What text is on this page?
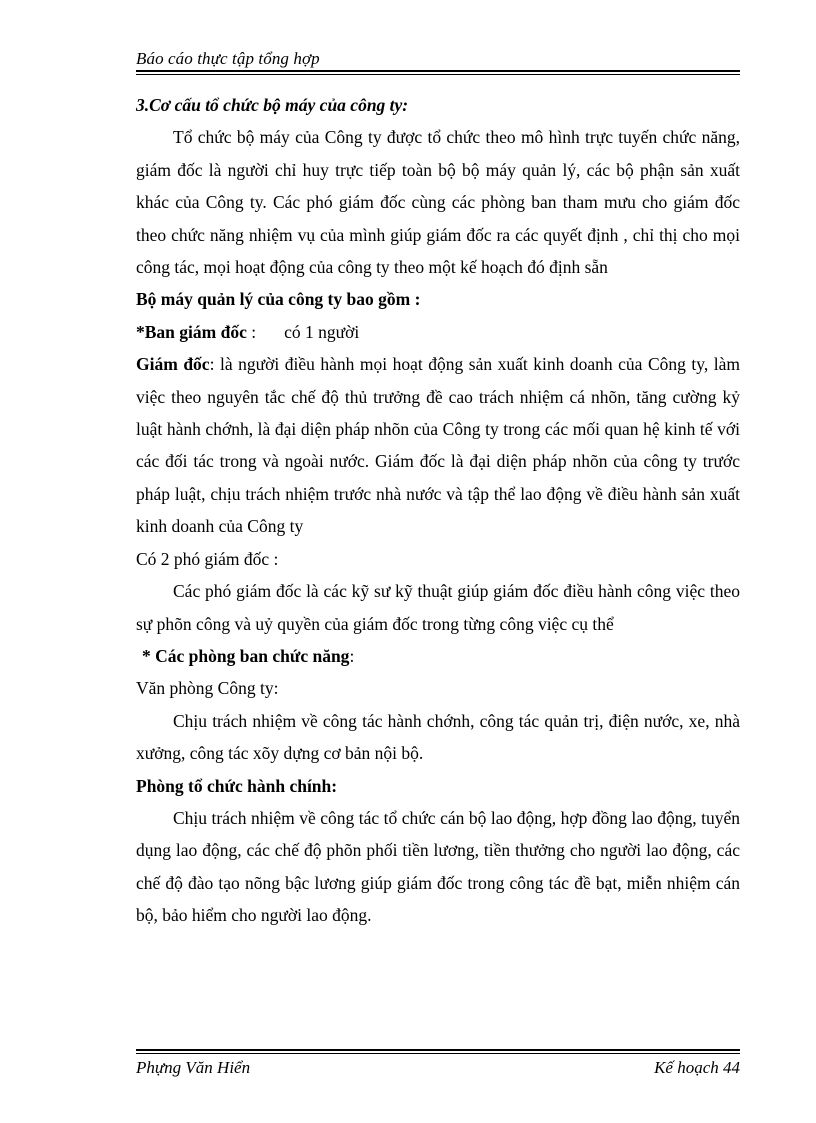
Báo cáo thực tập tổng hợp

3.Cơ cấu tổ chức bộ máy của công ty:

Tổ chức bộ máy của Công ty được tổ chức theo mô hình trực tuyến chức năng, giám đốc là người chỉ huy trực tiếp toàn bộ bộ máy quản lý, các bộ phận sản xuất khác của Công ty. Các phó giám đốc cùng các phòng ban tham mưu cho giám đốc theo chức năng nhiệm vụ của mình giúp giám đốc ra các quyết định , chỉ thị cho mọi công tác, mọi hoạt động của công ty theo một kế hoạch đó định sẵn

Bộ máy quản lý của công ty bao gồm :

*Ban giám đốc : có 1 người

Giám đốc: là người điều hành mọi hoạt động sản xuất kinh doanh của Công ty, làm việc theo nguyên tắc chế độ thủ trưởng đề cao trách nhiệm cá nhõn, tăng cường kỷ luật hành chớnh, là đại diện pháp nhõn của Công ty trong các mối quan hệ kinh tế với các đối tác trong và ngoài nước. Giám đốc là đại diện pháp nhõn của công ty trước pháp luật, chịu trách nhiệm trước nhà nước và tập thể lao động về điều hành sản xuất kinh doanh của Công ty

Có 2 phó giám đốc :

Các phó giám đốc là các kỹ sư kỹ thuật giúp giám đốc điều hành công việc theo sự phõn công và uỷ quyền của giám đốc trong từng công việc cụ thể

* Các phòng ban chức năng:

Văn phòng Công ty:

Chịu trách nhiệm về công tác hành chớnh, công tác quản trị, điện nước, xe, nhà xưởng, công tác xõy dựng cơ bản nội bộ.

Phòng tổ chức hành chính:

Chịu trách nhiệm về công tác tổ chức cán bộ lao động, hợp đồng lao động, tuyển dụng lao động, các chế độ phõn phối tiền lương, tiền thưởng cho người lao động, các chế độ đào tạo nõng bậc lương giúp giám đốc trong công tác đề bạt, miễn nhiệm cán bộ, bảo hiểm cho người lao động.

Phựng Văn Hiển	Kế hoạch 44
